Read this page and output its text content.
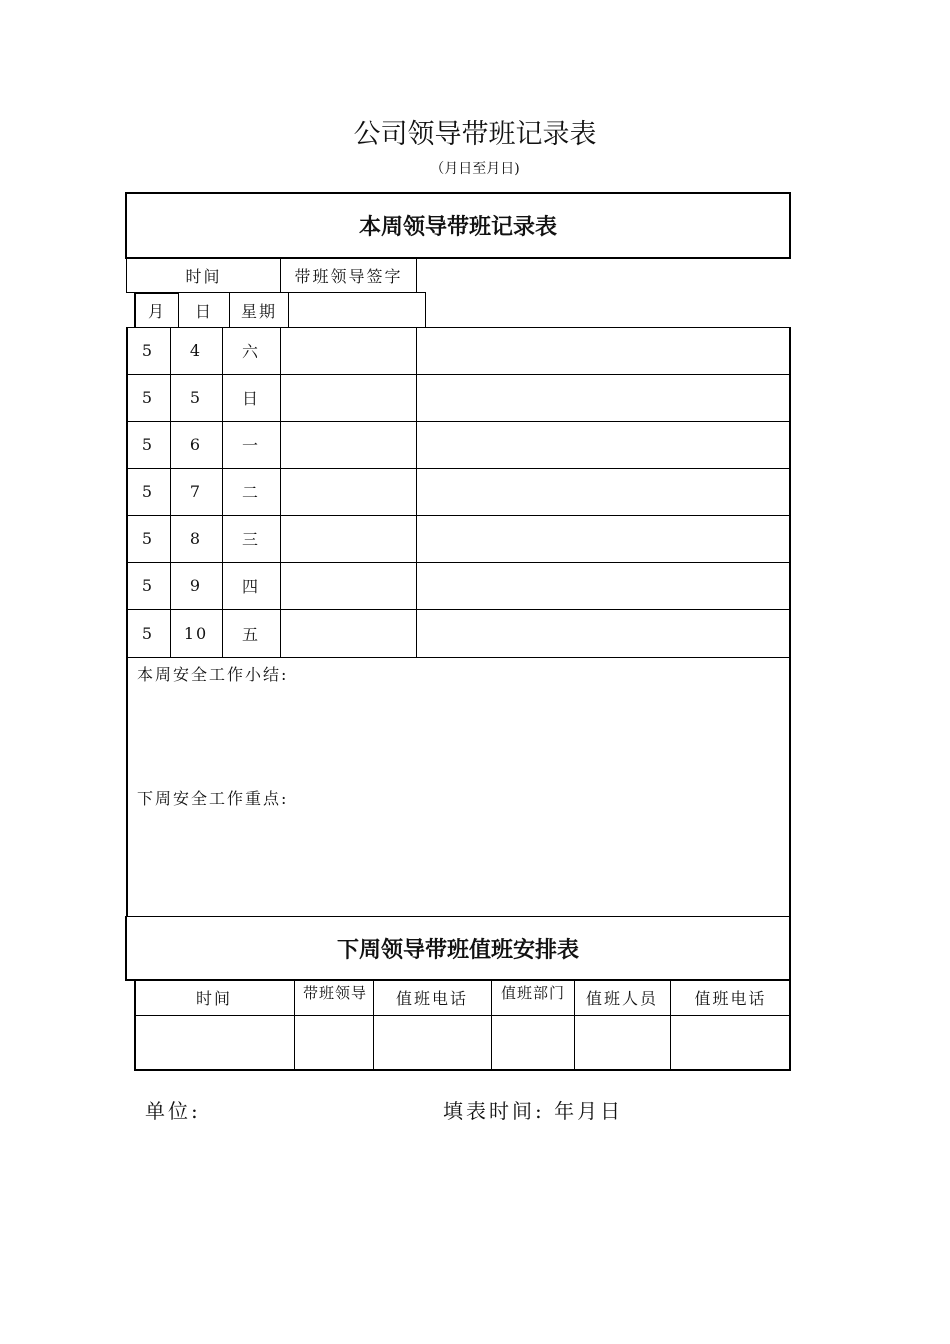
公司领导带班记录表
（月日至月日)
本周领导带班记录表
时间	带班领导签字
月 日 星期
5	4	六
5	5	日
5	6	一
5	7	二
5	8	三
5	9	四
5	10	五
本周安全工作小结:
下周安全工作重点:
下周领导带班值班安排表
时间	带班领导	值班电话	值班部门	值班人员	值班电话
单位:	填表时间: 年月日
